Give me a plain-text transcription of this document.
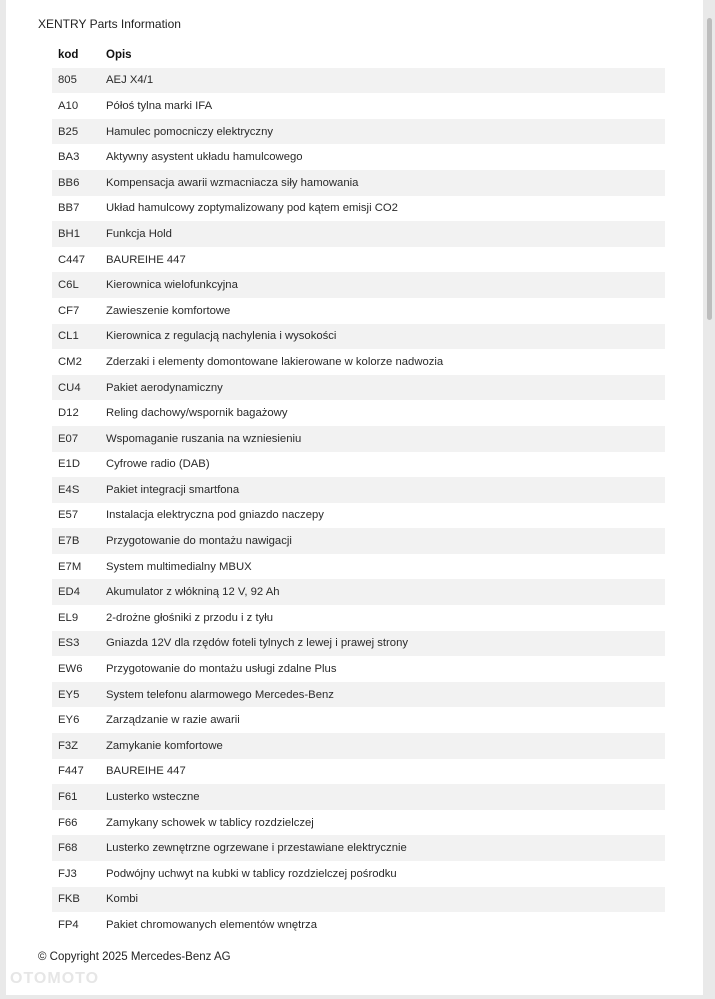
XENTRY Parts Information
kod	Opis
805	AEJ X4/1
A10	Półoś tylna marki IFA
B25	Hamulec pomocniczy elektryczny
BA3	Aktywny asystent układu hamulcowego
BB6	Kompensacja awarii wzmacniacza siły hamowania
BB7	Układ hamulcowy zoptymalizowany pod kątem emisji CO2
BH1	Funkcja Hold
C447	BAUREIHE 447
C6L	Kierownica wielofunkcyjna
CF7	Zawieszenie komfortowe
CL1	Kierownica z regulacją nachylenia i wysokości
CM2	Zderzaki i elementy domontowane lakierowane w kolorze nadwozia
CU4	Pakiet aerodynamiczny
D12	Reling dachowy/wspornik bagażowy
E07	Wspomaganie ruszania na wzniesieniu
E1D	Cyfrowe radio (DAB)
E4S	Pakiet integracji smartfona
E57	Instalacja elektryczna pod gniazdo naczepy
E7B	Przygotowanie do montażu nawigacji
E7M	System multimedialny MBUX
ED4	Akumulator z włókniną 12 V, 92 Ah
EL9	2-drożne głośniki z przodu i z tyłu
ES3	Gniazda 12V dla rzędów foteli tylnych z lewej i prawej strony
EW6	Przygotowanie do montażu usługi zdalne Plus
EY5	System telefonu alarmowego Mercedes-Benz
EY6	Zarządzanie w razie awarii
F3Z	Zamykanie komfortowe
F447	BAUREIHE 447
F61	Lusterko wsteczne
F66	Zamykany schowek w tablicy rozdzielczej
F68	Lusterko zewnętrzne ogrzewane i przestawiane elektrycznie
FJ3	Podwójny uchwyt na kubki w tablicy rozdzielczej pośrodku
FKB	Kombi
FP4	Pakiet chromowanych elementów wnętrza
© Copyright 2025 Mercedes-Benz AG
OTOMOTO
